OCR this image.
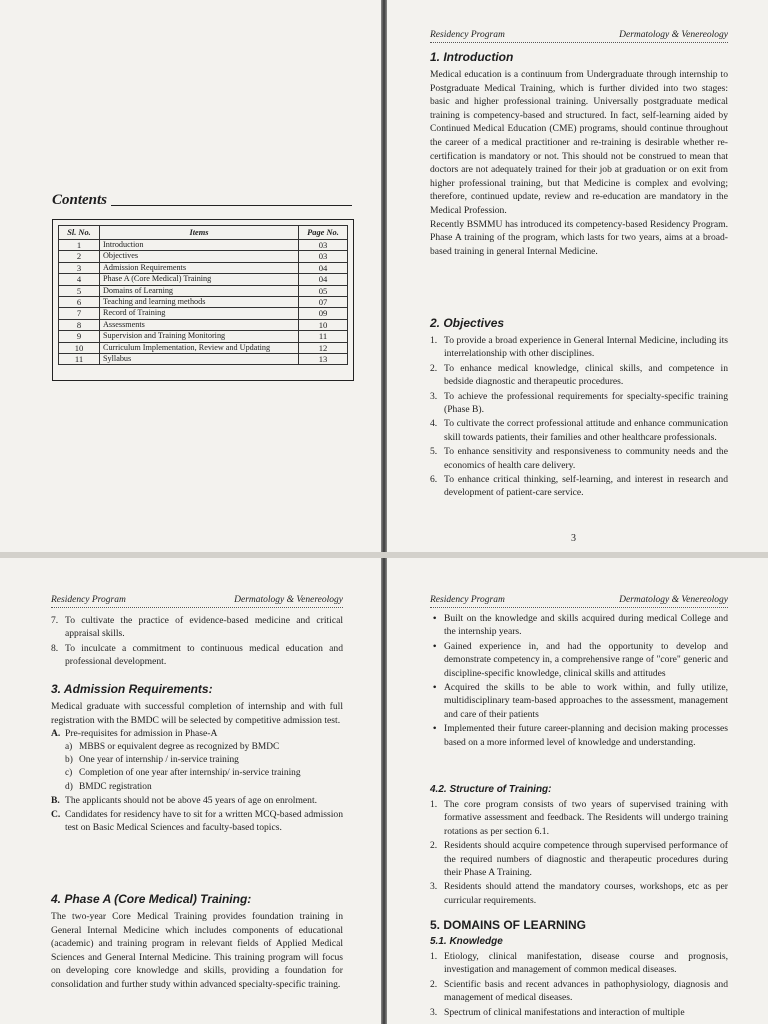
Contents
Sl. No.	Items	Page No.
1	Introduction	03
2	Objectives	03
3	Admission Requirements	04
4	Phase A (Core Medical) Training	04
5	Domains of Learning	05
6	Teaching and learning methods	07
7	Record of Training	09
8	Assessments	10
9	Supervision and Training Monitoring	11
10	Curriculum Implementation, Review and Updating	12
11	Syllabus	13
Residency Program	Dermatology & Venereology
1. Introduction

Medical education is a continuum from Undergraduate through internship to Postgraduate Medical Training, which is further divided into two stages: basic and higher professional training. Universally postgraduate medical training is competency-based and structured. In fact, self-learning aided by Continued Medical Education (CME) programs, should continue throughout the career of a medical practitioner and re-training is desirable whether re-certification is mandatory or not. This should not be construed to mean that doctors are not adequately trained for their job at graduation or on exit from higher professional training, but that Medicine is complex and evolving; therefore, continued update, review and re-education are mandatory in the Medical Profession.

Recently BSMMU has introduced its competency-based Residency Program. Phase A training of the program, which lasts for two years, aims at a broad-based training in general Internal Medicine.

2. Objectives
1. To provide a broad experience in General Internal Medicine, including its interrelationship with other disciplines.
2. To enhance medical knowledge, clinical skills, and competence in bedside diagnostic and therapeutic procedures.
3. To achieve the professional requirements for specialty-specific training (Phase B).
4. To cultivate the correct professional attitude and enhance communication skill towards patients, their families and other healthcare professionals.
5. To enhance sensitivity and responsiveness to community needs and the economics of health care delivery.
6. To enhance critical thinking, self-learning, and interest in research and development of patient-care service.
3
Residency Program	Dermatology & Venereology
7. To cultivate the practice of evidence-based medicine and critical appraisal skills.
8. To inculcate a commitment to continuous medical education and professional development.
3. Admission Requirements:

Medical graduate with successful completion of internship and with full registration with the BMDC will be selected by competitive admission test.

A. Pre-requisites for admission in Phase-A
a) MBBS or equivalent degree as recognized by BMDC
b) One year of internship / in-service training
c) Completion of one year after internship/ in-service training
d) BMDC registration
B. The applicants should not be above 45 years of age on enrolment.
C. Candidates for residency have to sit for a written MCQ-based admission test on Basic Medical Sciences and faculty-based topics.
4. Phase A (Core Medical) Training:

The two-year Core Medical Training provides foundation training in General Internal Medicine which includes components of educational (academic) and training program in relevant fields of Applied Medical Sciences and General Internal Medicine. This training program will focus on developing core knowledge and skills, providing a foundation for consolidation and further study within advanced specialty-specific training.

Residency Program	Dermatology & Venereology
• Built on the knowledge and skills acquired during medical College and the internship years.
• Gained experience in, and had the opportunity to develop and demonstrate competency in, a comprehensive range of "core" generic and discipline-specific knowledge, clinical skills and attitudes
• Acquired the skills to be able to work within, and fully utilize, multidisciplinary team-based approaches to the assessment, management and care of their patients
• Implemented their future career-planning and decision making processes based on a more informed level of knowledge and understanding.
4.2. Structure of Training:
1. The core program consists of two years of supervised training with formative assessment and feedback. The Residents will undergo training rotations as per section 6.1.
2. Residents should acquire competence through supervised performance of the required numbers of diagnostic and therapeutic procedures during their Phase A Training.
3. Residents should attend the mandatory courses, workshops, etc as per curricular requirements.
5. DOMAINS OF LEARNING
5.1. Knowledge
1. Etiology, clinical manifestation, disease course and prognosis, investigation and management of common medical diseases.
2. Scientific basis and recent advances in pathophysiology, diagnosis and management of medical diseases.
3. Spectrum of clinical manifestations and interaction of multiple
